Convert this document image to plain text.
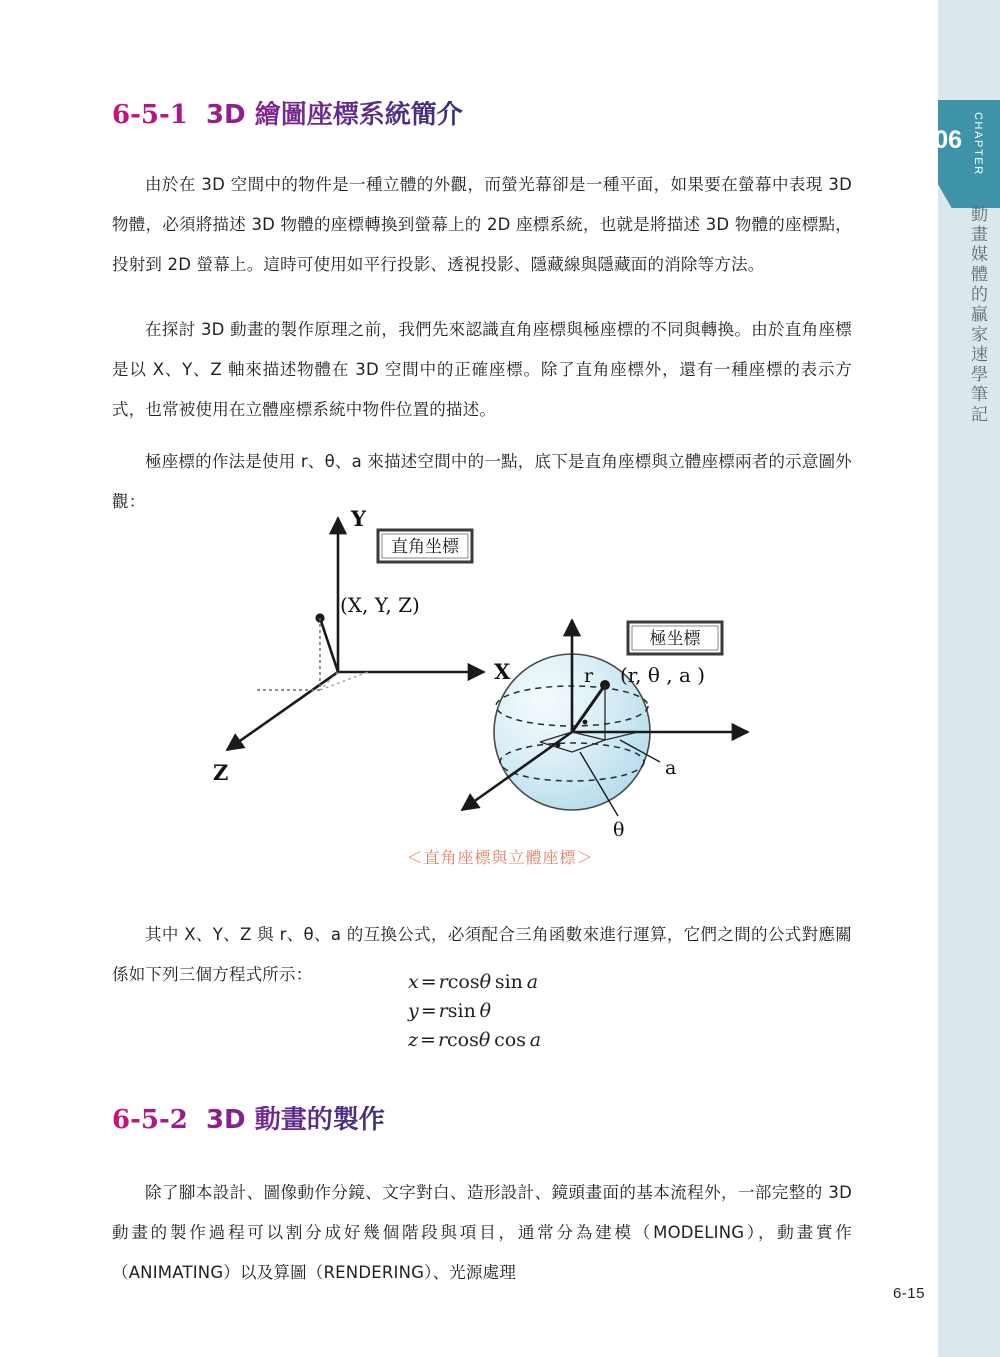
CHAPTER
06
動畫媒體的贏家速學筆記
6-5-1 3D 繪圖座標系統簡介

由於在 3D 空間中的物件是一種立體的外觀，而螢光幕卻是一種平面，如果要在螢幕中表現 3D 物體，必須將描述 3D 物體的座標轉換到螢幕上的 2D 座標系統，也就是將描述 3D 物體的座標點，投射到 2D 螢幕上。這時可使用如平行投影、透視投影、隱藏線與隱藏面的消除等方法。

在探討 3D 動畫的製作原理之前，我們先來認識直角座標與極座標的不同與轉換。由於直角座標是以 X、Y、Z 軸來描述物體在 3D 空間中的正確座標。除了直角座標外，還有一種座標的表示方式，也常被使用在立體座標系統中物件位置的描述。

極座標的作法是使用 r、θ、a 來描述空間中的一點，底下是直角座標與立體座標兩者的示意圖外觀：

Y
X
Z
(X, Y, Z)
直角坐標
r (r, θ , a )
a
θ
極坐標
＜直角座標與立體座標＞

其中 X、Y、Z 與 r、θ、a 的互換公式，必須配合三角函數來進行運算，它們之間的公式對應關係如下列三個方程式所示：	x = rcosθ  sin  a
y = rsin  θ
z = rcosθ  cos  a
6-5-2 3D 動畫的製作

除了腳本設計、圖像動作分鏡、文字對白、造形設計、鏡頭畫面的基本流程外，一部完整的 3D 動畫的製作過程可以割分成好幾個階段與項目，通常分為建模（MODELING），動畫實作（ANIMATING）以及算圖（RENDERING）、光源處理

6-15
